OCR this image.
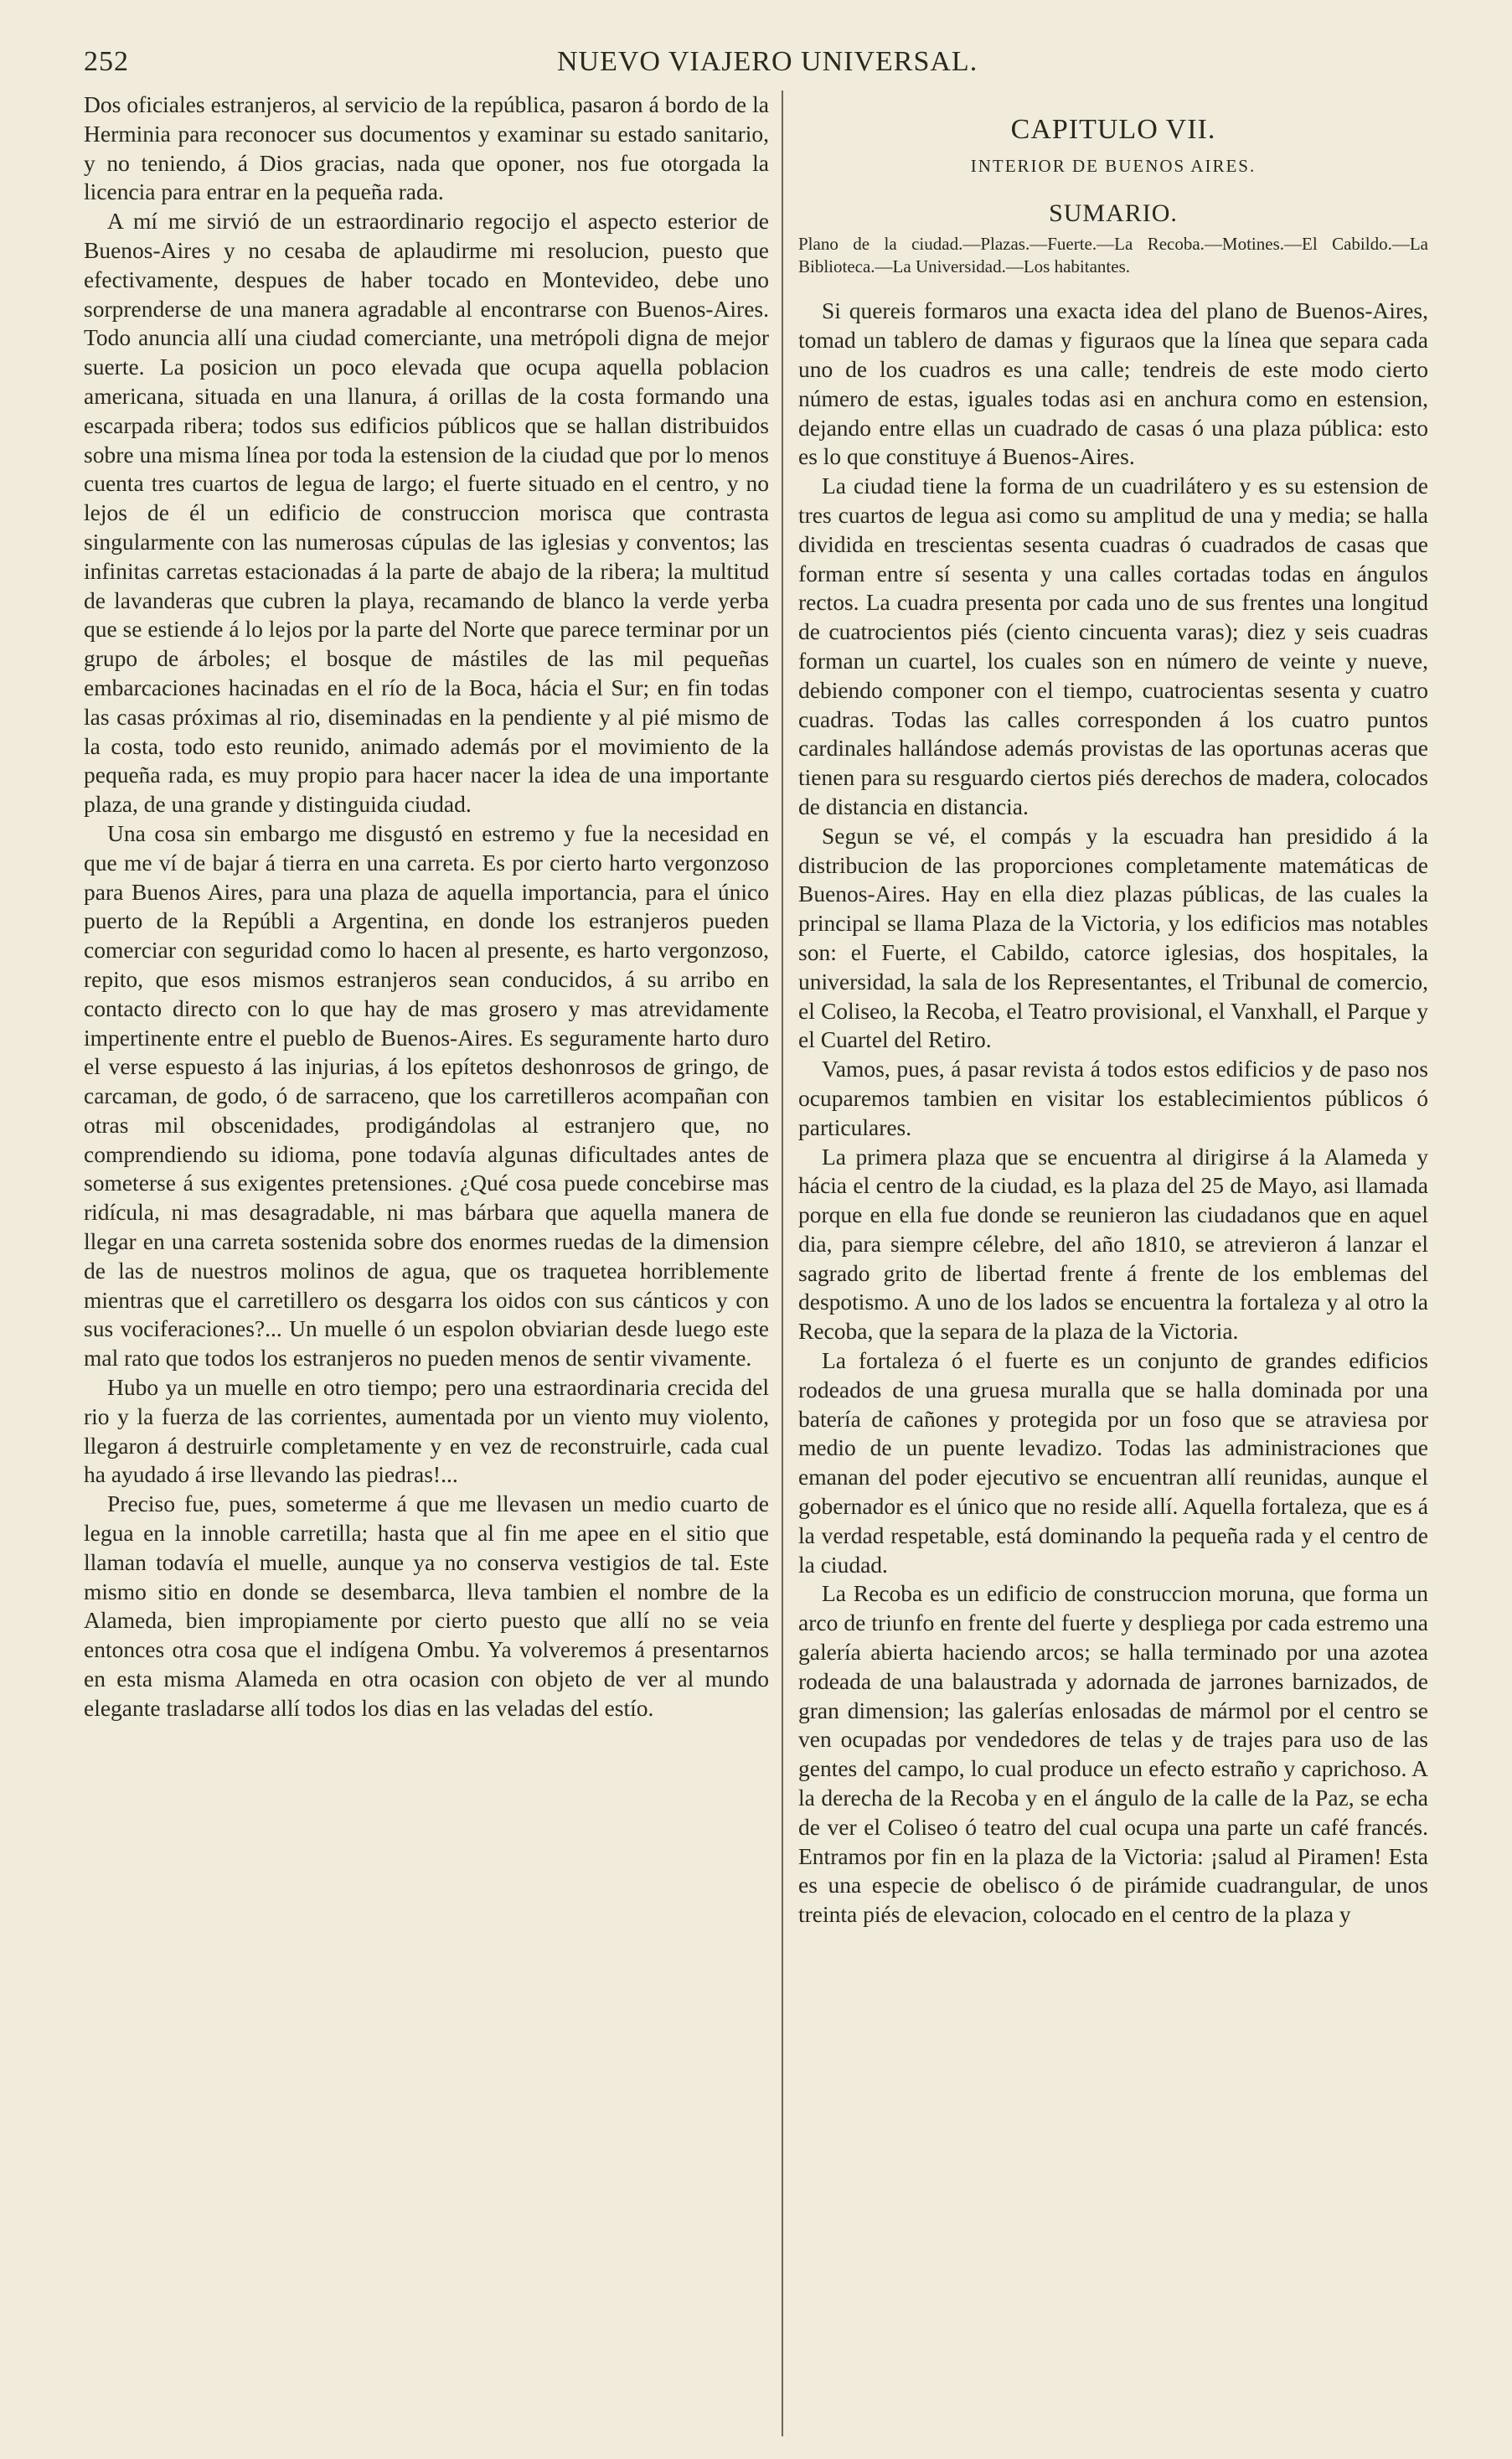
252	NUEVO VIAJERO UNIVERSAL.

Dos oficiales estranjeros, al servicio de la república, pasaron á bordo de la Herminia para reconocer sus documentos y examinar su estado sanitario, y no teniendo, á Dios gracias, nada que oponer, nos fue otorgada la licencia para entrar en la pequeña rada.

A mí me sirvió de un estraordinario regocijo el aspecto esterior de Buenos-Aires y no cesaba de aplaudirme mi resolucion, puesto que efectivamente, despues de haber tocado en Montevideo, debe uno sorprenderse de una manera agradable al encontrarse con Buenos-Aires. Todo anuncia allí una ciudad comerciante, una metrópoli digna de mejor suerte. La posicion un poco elevada que ocupa aquella poblacion americana, situada en una llanura, á orillas de la costa formando una escarpada ribera; todos sus edificios públicos que se hallan distribuidos sobre una misma línea por toda la estension de la ciudad que por lo menos cuenta tres cuartos de legua de largo; el fuerte situado en el centro, y no lejos de él un edificio de construccion morisca que contrasta singularmente con las numerosas cúpulas de las iglesias y conventos; las infinitas carretas estacionadas á la parte de abajo de la ribera; la multitud de lavanderas que cubren la playa, recamando de blanco la verde yerba que se estiende á lo lejos por la parte del Norte que parece terminar por un grupo de árboles; el bosque de mástiles de las mil pequeñas embarcaciones hacinadas en el río de la Boca, hácia el Sur; en fin todas las casas próximas al rio, diseminadas en la pendiente y al pié mismo de la costa, todo esto reunido, animado además por el movimiento de la pequeña rada, es muy propio para hacer nacer la idea de una importante plaza, de una grande y distinguida ciudad.

Una cosa sin embargo me disgustó en estremo y fue la necesidad en que me ví de bajar á tierra en una carreta. Es por cierto harto vergonzoso para Buenos Aires, para una plaza de aquella importancia, para el único puerto de la Repúbli a Argentina, en donde los estranjeros pueden comerciar con seguridad como lo hacen al presente, es harto vergonzoso, repito, que esos mismos estranjeros sean conducidos, á su arribo en contacto directo con lo que hay de mas grosero y mas atrevidamente impertinente entre el pueblo de Buenos-Aires. Es seguramente harto duro el verse espuesto á las injurias, á los epítetos deshonrosos de gringo, de carcaman, de godo, ó de sarraceno, que los carretilleros acompañan con otras mil obscenidades, prodigándolas al estranjero que, no comprendiendo su idioma, pone todavía algunas dificultades antes de someterse á sus exigentes pretensiones. ¿Qué cosa puede concebirse mas ridícula, ni mas desagradable, ni mas bárbara que aquella manera de llegar en una carreta sostenida sobre dos enormes ruedas de la dimension de las de nuestros molinos de agua, que os traquetea horriblemente mientras que el carretillero os desgarra los oidos con sus cánticos y con sus vociferaciones?... Un muelle ó un espolon obviarian desde luego este mal rato que todos los estranjeros no pueden menos de sentir vivamente.

Hubo ya un muelle en otro tiempo; pero una estraordinaria crecida del rio y la fuerza de las corrientes, aumentada por un viento muy violento, llegaron á destruirle completamente y en vez de reconstruirle, cada cual ha ayudado á irse llevando las piedras!...

Preciso fue, pues, someterme á que me llevasen un medio cuarto de legua en la innoble carretilla; hasta que al fin me apee en el sitio que llaman todavía el muelle, aunque ya no conserva vestigios de tal. Este mismo sitio en donde se desembarca, lleva tambien el nombre de la Alameda, bien impropiamente por cierto puesto que allí no se veia entonces otra cosa que el indígena Ombu. Ya volveremos á presentarnos en esta misma Alameda en otra ocasion con objeto de ver al mundo elegante trasladarse allí todos los dias en las veladas del estío.

CAPITULO VII.
INTERIOR DE BUENOS AIRES.
SUMARIO.

Plano de la ciudad.—Plazas.—Fuerte.—La Recoba.—Motines.—El Cabildo.—La Biblioteca.—La Universidad.—Los habitantes.

Si quereis formaros una exacta idea del plano de Buenos-Aires, tomad un tablero de damas y figuraos que la línea que separa cada uno de los cuadros es una calle; tendreis de este modo cierto número de estas, iguales todas asi en anchura como en estension, dejando entre ellas un cuadrado de casas ó una plaza pública: esto es lo que constituye á Buenos-Aires.

La ciudad tiene la forma de un cuadrilátero y es su estension de tres cuartos de legua asi como su amplitud de una y media; se halla dividida en trescientas sesenta cuadras ó cuadrados de casas que forman entre sí sesenta y una calles cortadas todas en ángulos rectos. La cuadra presenta por cada uno de sus frentes una longitud de cuatrocientos piés (ciento cincuenta varas); diez y seis cuadras forman un cuartel, los cuales son en número de veinte y nueve, debiendo componer con el tiempo, cuatrocientas sesenta y cuatro cuadras. Todas las calles corresponden á los cuatro puntos cardinales hallándose además provistas de las oportunas aceras que tienen para su resguardo ciertos piés derechos de madera, colocados de distancia en distancia.

Segun se vé, el compás y la escuadra han presidido á la distribucion de las proporciones completamente matemáticas de Buenos-Aires. Hay en ella diez plazas públicas, de las cuales la principal se llama Plaza de la Victoria, y los edificios mas notables son: el Fuerte, el Cabildo, catorce iglesias, dos hospitales, la universidad, la sala de los Representantes, el Tribunal de comercio, el Coliseo, la Recoba, el Teatro provisional, el Vanxhall, el Parque y el Cuartel del Retiro.

Vamos, pues, á pasar revista á todos estos edificios y de paso nos ocuparemos tambien en visitar los establecimientos públicos ó particulares.

La primera plaza que se encuentra al dirigirse á la Alameda y hácia el centro de la ciudad, es la plaza del 25 de Mayo, asi llamada porque en ella fue donde se reunieron las ciudadanos que en aquel dia, para siempre célebre, del año 1810, se atrevieron á lanzar el sagrado grito de libertad frente á frente de los emblemas del despotismo. A uno de los lados se encuentra la fortaleza y al otro la Recoba, que la separa de la plaza de la Victoria.

La fortaleza ó el fuerte es un conjunto de grandes edificios rodeados de una gruesa muralla que se halla dominada por una batería de cañones y protegida por un foso que se atraviesa por medio de un puente levadizo. Todas las administraciones que emanan del poder ejecutivo se encuentran allí reunidas, aunque el gobernador es el único que no reside allí. Aquella fortaleza, que es á la verdad respetable, está dominando la pequeña rada y el centro de la ciudad.

La Recoba es un edificio de construccion moruna, que forma un arco de triunfo en frente del fuerte y despliega por cada estremo una galería abierta haciendo arcos; se halla terminado por una azotea rodeada de una balaustrada y adornada de jarrones barnizados, de gran dimension; las galerías enlosadas de mármol por el centro se ven ocupadas por vendedores de telas y de trajes para uso de las gentes del campo, lo cual produce un efecto estraño y caprichoso. A la derecha de la Recoba y en el ángulo de la calle de la Paz, se echa de ver el Coliseo ó teatro del cual ocupa una parte un café francés. Entramos por fin en la plaza de la Victoria: ¡salud al Piramen! Esta es una especie de obelisco ó de pirámide cuadrangular, de unos treinta piés de elevacion, colocado en el centro de la plaza y
